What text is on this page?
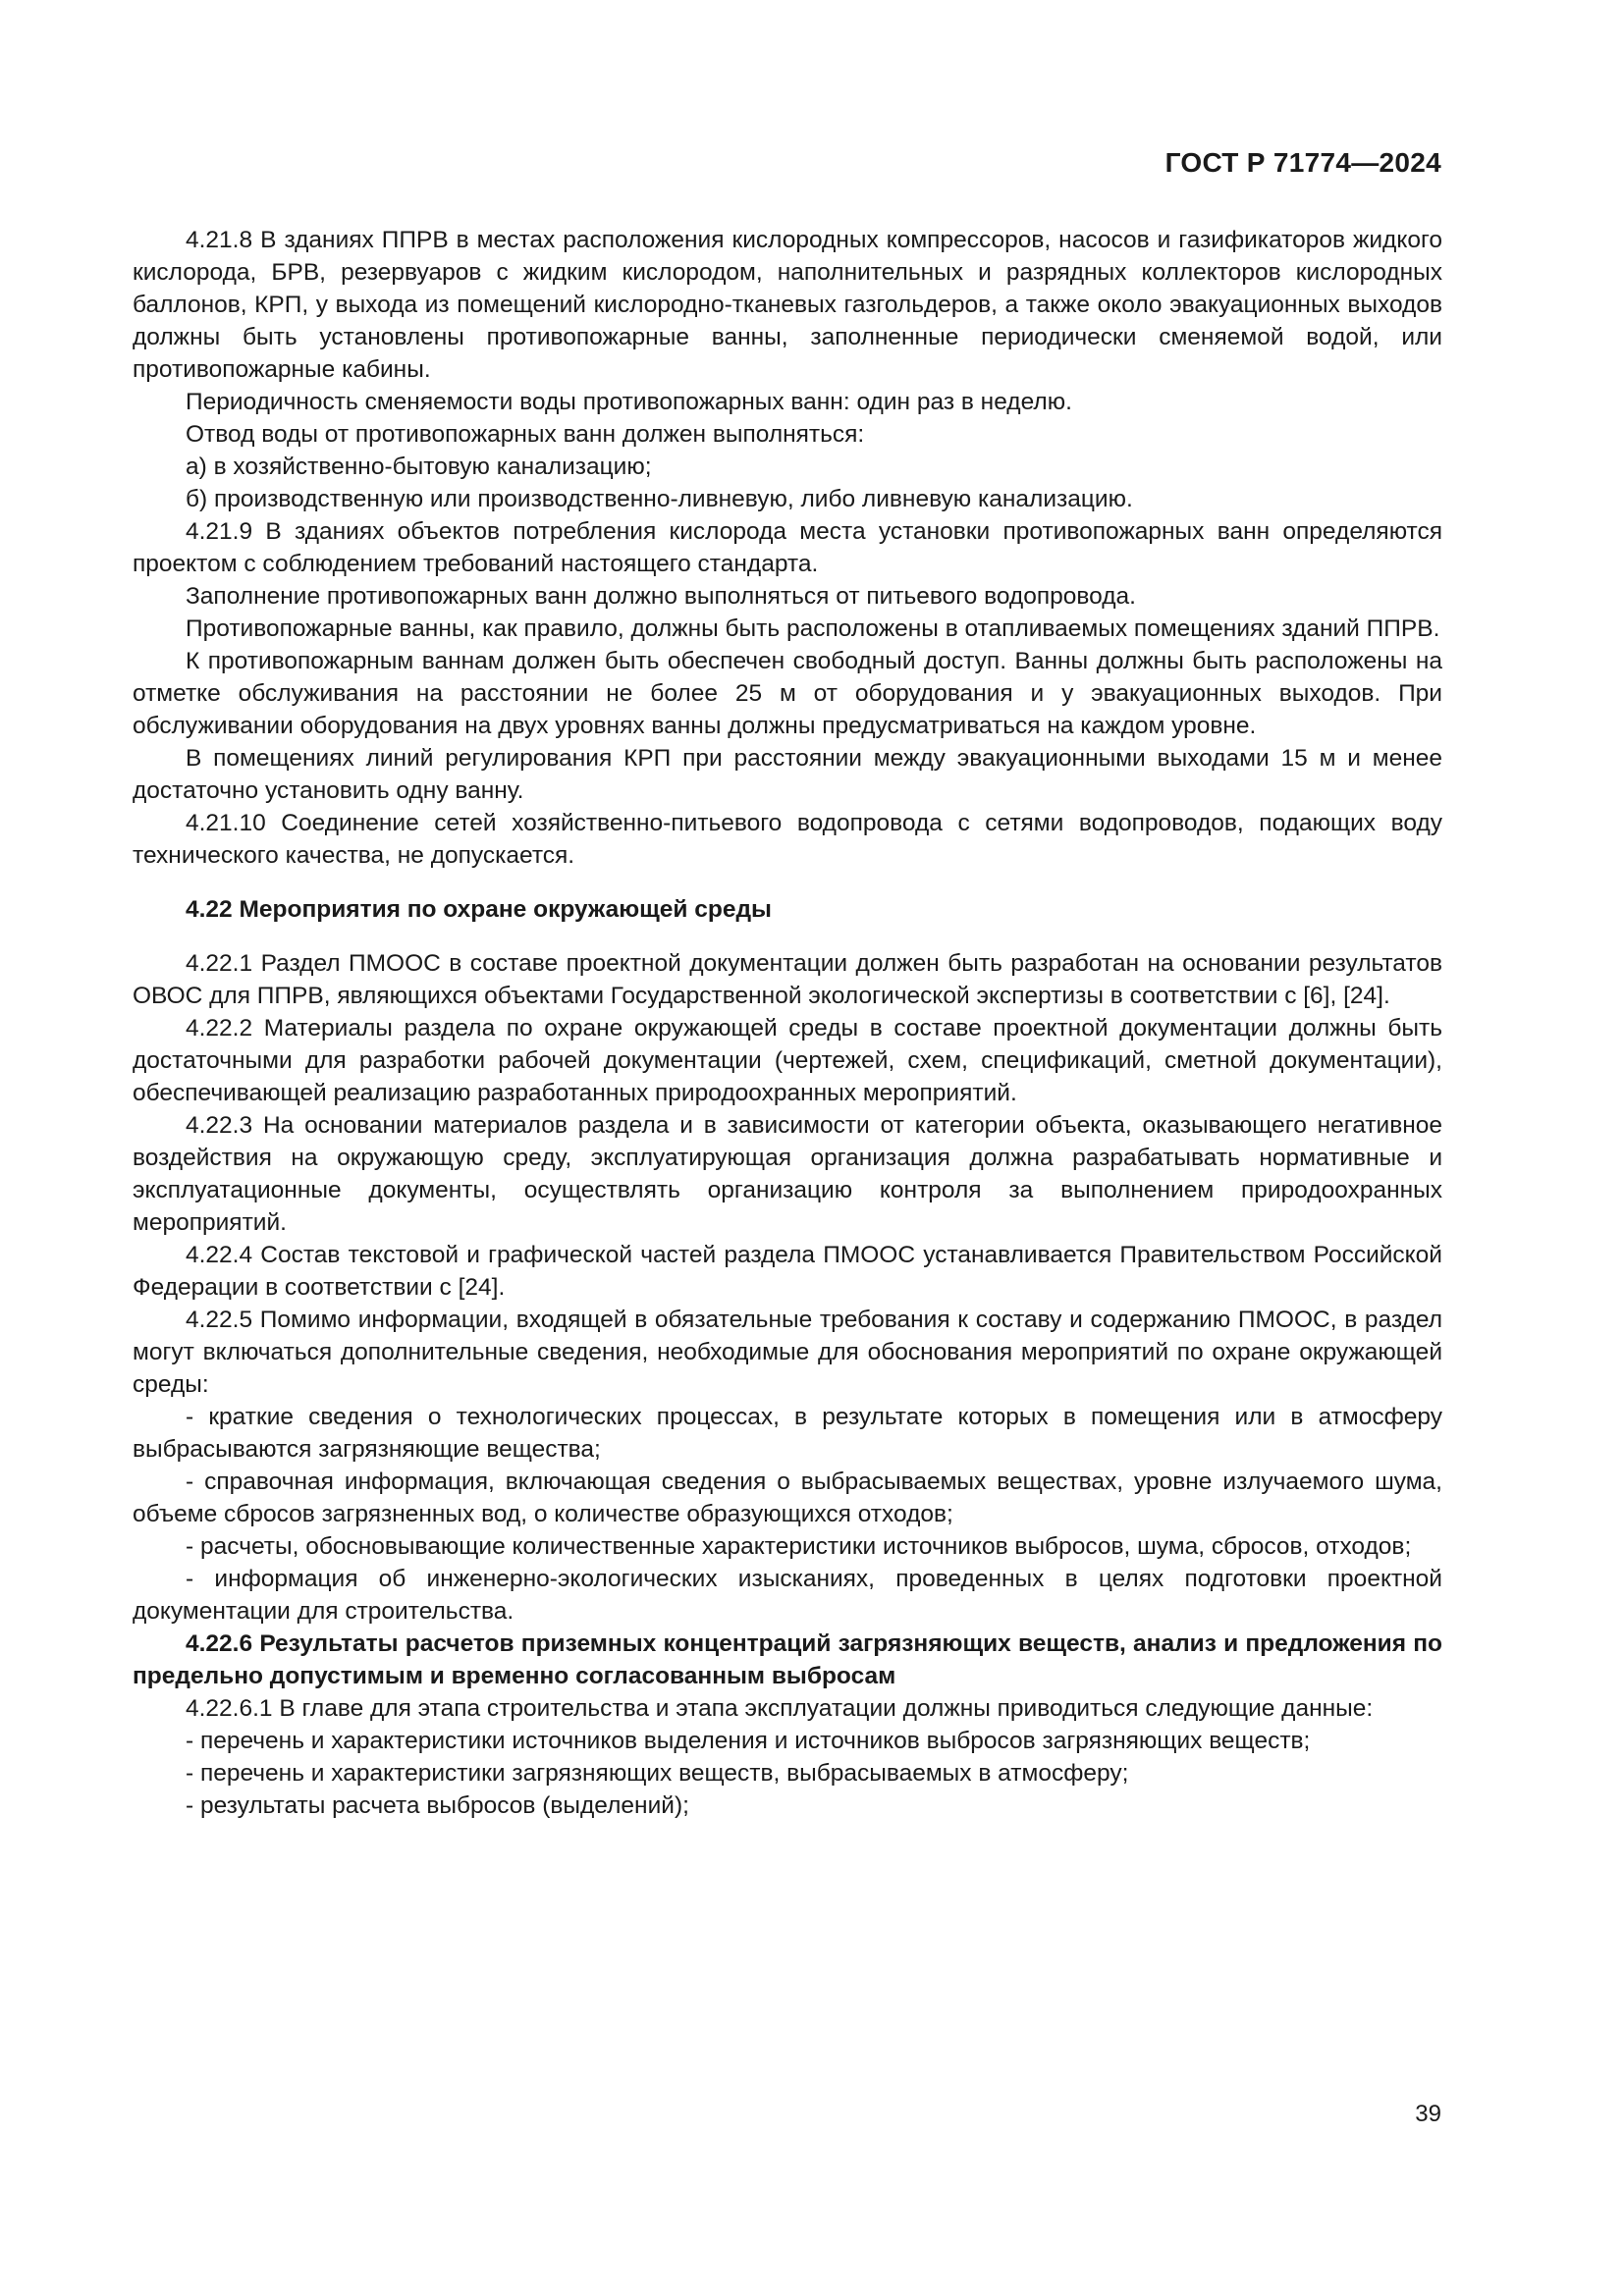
ГОСТ Р 71774—2024

4.21.8 В зданиях ППРВ в местах расположения кислородных компрессоров, насосов и газификаторов жидкого кислорода, БРВ, резервуаров с жидким кислородом, наполнительных и разрядных коллекторов кислородных баллонов, КРП, у выхода из помещений кислородно-тканевых газгольдеров, а также около эвакуационных выходов должны быть установлены противопожарные ванны, заполненные периодически сменяемой водой, или противопожарные кабины.

Периодичность сменяемости воды противопожарных ванн: один раз в неделю.

Отвод воды от противопожарных ванн должен выполняться:

а) в хозяйственно-бытовую канализацию;

б) производственную или производственно-ливневую, либо ливневую канализацию.

4.21.9 В зданиях объектов потребления кислорода места установки противопожарных ванн определяются проектом с соблюдением требований настоящего стандарта.

Заполнение противопожарных ванн должно выполняться от питьевого водопровода.

Противопожарные ванны, как правило, должны быть расположены в отапливаемых помещениях зданий ППРВ.

К противопожарным ваннам должен быть обеспечен свободный доступ. Ванны должны быть расположены на отметке обслуживания на расстоянии не более 25 м от оборудования и у эвакуационных выходов. При обслуживании оборудования на двух уровнях ванны должны предусматриваться на каждом уровне.

В помещениях линий регулирования КРП при расстоянии между эвакуационными выходами 15 м и менее достаточно установить одну ванну.

4.21.10 Соединение сетей хозяйственно-питьевого водопровода с сетями водопроводов, подающих воду технического качества, не допускается.

4.22 Мероприятия по охране окружающей среды

4.22.1 Раздел ПМООС в составе проектной документации должен быть разработан на основании результатов ОВОС для ППРВ, являющихся объектами Государственной экологической экспертизы в соответствии с [6], [24].

4.22.2 Материалы раздела по охране окружающей среды в составе проектной документации должны быть достаточными для разработки рабочей документации (чертежей, схем, спецификаций, сметной документации), обеспечивающей реализацию разработанных природоохранных мероприятий.

4.22.3 На основании материалов раздела и в зависимости от категории объекта, оказывающего негативное воздействия на окружающую среду, эксплуатирующая организация должна разрабатывать нормативные и эксплуатационные документы, осуществлять организацию контроля за выполнением природоохранных мероприятий.

4.22.4 Состав текстовой и графической частей раздела ПМООС устанавливается Правительством Российской Федерации в соответствии с [24].

4.22.5 Помимо информации, входящей в обязательные требования к составу и содержанию ПМООС, в раздел могут включаться дополнительные сведения, необходимые для обоснования мероприятий по охране окружающей среды:

- краткие сведения о технологических процессах, в результате которых в помещения или в атмосферу выбрасываются загрязняющие вещества;

- справочная информация, включающая сведения о выбрасываемых веществах, уровне излучаемого шума, объеме сбросов загрязненных вод, о количестве образующихся отходов;

- расчеты, обосновывающие количественные характеристики источников выбросов, шума, сбросов, отходов;

- информация об инженерно-экологических изысканиях, проведенных в целях подготовки проектной документации для строительства.

4.22.6 Результаты расчетов приземных концентраций загрязняющих веществ, анализ и предложения по предельно допустимым и временно согласованным выбросам

4.22.6.1 В главе для этапа строительства и этапа эксплуатации должны приводиться следующие данные:

- перечень и характеристики источников выделения и источников выбросов загрязняющих веществ;

- перечень и характеристики загрязняющих веществ, выбрасываемых в атмосферу;

- результаты расчета выбросов (выделений);

39
